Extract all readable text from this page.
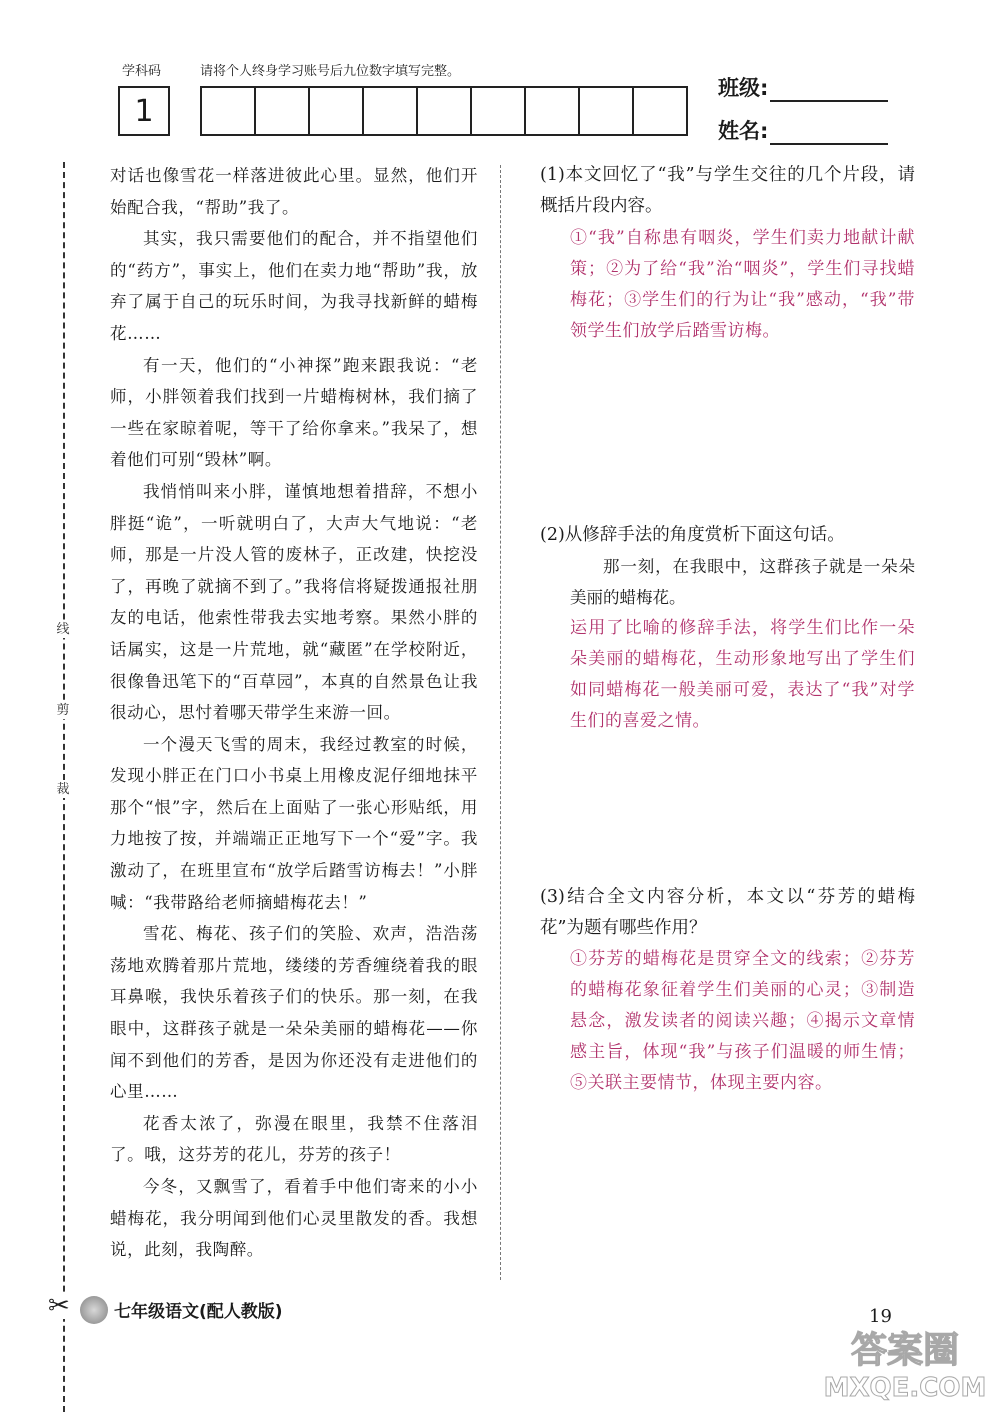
学科码	请将个人终身学习账号后九位数字填写完整。
1
班级:
姓名:
线
剪
裁

对话也像雪花一样落进彼此心里。显然，他们开始配合我，“帮助”我了。

其实，我只需要他们的配合，并不指望他们的“药方”，事实上，他们在卖力地“帮助”我，放弃了属于自己的玩乐时间，为我寻找新鲜的蜡梅花……

有一天，他们的“小神探”跑来跟我说：“老师，小胖领着我们找到一片蜡梅树林，我们摘了一些在家晾着呢，等干了给你拿来。”我呆了，想着他们可别“毁林”啊。

我悄悄叫来小胖，谨慎地想着措辞，不想小胖挺“诡”，一听就明白了，大声大气地说：“老师，那是一片没人管的废林子，正改建，快挖没了，再晚了就摘不到了。”我将信将疑拨通报社朋友的电话，他索性带我去实地考察。果然小胖的话属实，这是一片荒地，就“藏匿”在学校附近，很像鲁迅笔下的“百草园”，本真的自然景色让我很动心，思忖着哪天带学生来游一回。

一个漫天飞雪的周末，我经过教室的时候，发现小胖正在门口小书桌上用橡皮泥仔细地抹平那个“恨”字，然后在上面贴了一张心形贴纸，用力地按了按，并端端正正地写下一个“爱”字。我激动了，在班里宣布“放学后踏雪访梅去！”小胖喊：“我带路给老师摘蜡梅花去！”

雪花、梅花、孩子们的笑脸、欢声，浩浩荡荡地欢腾着那片荒地，缕缕的芳香缠绕着我的眼耳鼻喉，我快乐着孩子们的快乐。那一刻，在我眼中，这群孩子就是一朵朵美丽的蜡梅花——你闻不到他们的芳香，是因为你还没有走进他们的心里……

花香太浓了，弥漫在眼里，我禁不住落泪了。哦，这芬芳的花儿，芬芳的孩子！

今冬，又飘雪了，看着手中他们寄来的小小蜡梅花，我分明闻到他们心灵里散发的香。我想说，此刻，我陶醉。

(1)本文回忆了“我”与学生交往的几个片段，请概括片段内容。
①“我”自称患有咽炎，学生们卖力地献计献策；②为了给“我”治“咽炎”，学生们寻找蜡梅花；③学生们的行为让“我”感动，“我”带领学生们放学后踏雪访梅。
(2)从修辞手法的角度赏析下面这句话。
那一刻，在我眼中，这群孩子就是一朵朵美丽的蜡梅花。
运用了比喻的修辞手法，将学生们比作一朵朵美丽的蜡梅花，生动形象地写出了学生们如同蜡梅花一般美丽可爱，表达了“我”对学生们的喜爱之情。
(3)结合全文内容分析，本文以“芬芳的蜡梅花”为题有哪些作用？
①芬芳的蜡梅花是贯穿全文的线索；②芬芳的蜡梅花象征着学生们美丽的心灵；③制造悬念，激发读者的阅读兴趣；④揭示文章情感主旨，体现“我”与孩子们温暖的师生情；⑤关联主要情节，体现主要内容。
✂	七年级语文(配人教版)	19
答案圈
MXQE.COM
